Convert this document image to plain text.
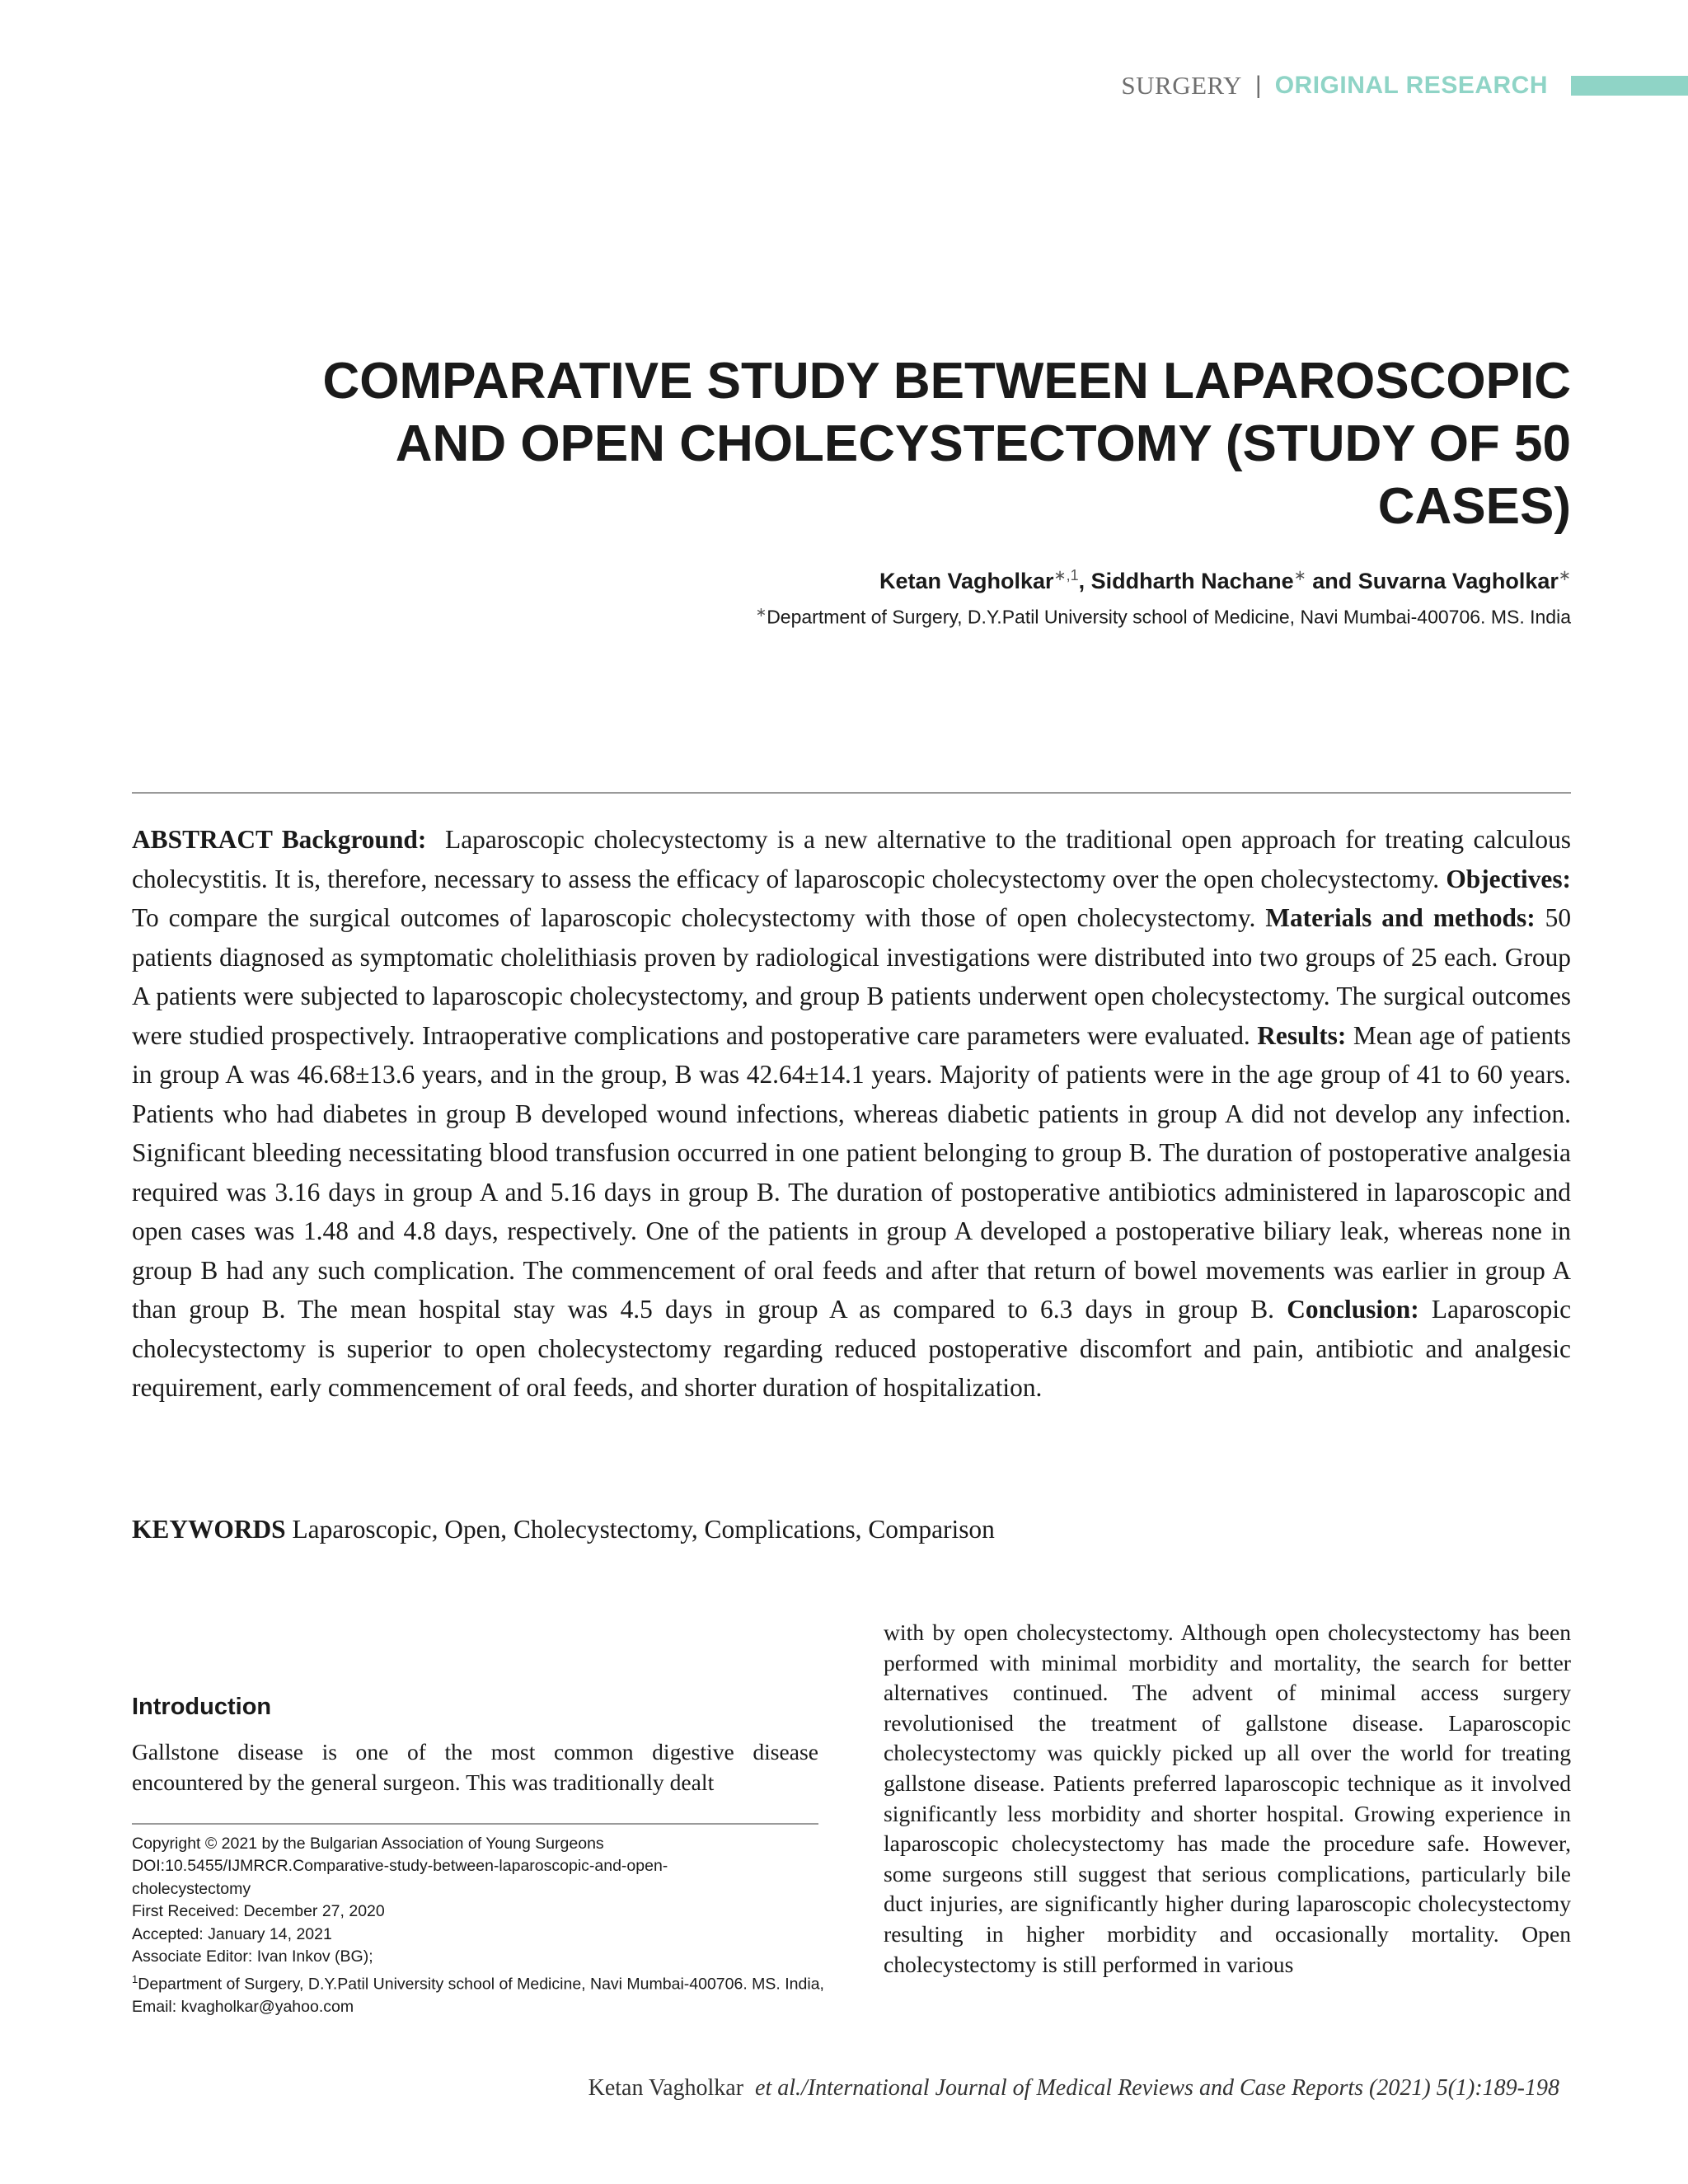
SURGERY | ORIGINAL RESEARCH
COMPARATIVE STUDY BETWEEN LAPAROSCOPIC AND OPEN CHOLECYSTECTOMY (STUDY OF 50 CASES)
Ketan Vagholkar$^{∗,1}$, Siddharth Nachane∗ and Suvarna Vagholkar∗
∗Department of Surgery, D.Y.Patil University school of Medicine, Navi Mumbai-400706. MS. India
ABSTRACT Background: Laparoscopic cholecystectomy is a new alternative to the traditional open approach for treating calculous cholecystitis. It is, therefore, necessary to assess the efficacy of laparoscopic cholecystectomy over the open cholecystectomy. Objectives: To compare the surgical outcomes of laparoscopic cholecystectomy with those of open cholecystectomy. Materials and methods: 50 patients diagnosed as symptomatic cholelithiasis proven by radiological investigations were distributed into two groups of 25 each. Group A patients were subjected to laparoscopic cholecystectomy, and group B patients underwent open cholecystectomy. The surgical outcomes were studied prospectively. Intraoperative complications and postoperative care parameters were evaluated. Results: Mean age of patients in group A was 46.68±13.6 years, and in the group, B was 42.64±14.1 years. Majority of patients were in the age group of 41 to 60 years. Patients who had diabetes in group B developed wound infections, whereas diabetic patients in group A did not develop any infection. Significant bleeding necessitating blood transfusion occurred in one patient belonging to group B. The duration of postoperative analgesia required was 3.16 days in group A and 5.16 days in group B. The duration of postoperative antibiotics administered in laparoscopic and open cases was 1.48 and 4.8 days, respectively. One of the patients in group A developed a postoperative biliary leak, whereas none in group B had any such complication. The commencement of oral feeds and after that return of bowel movements was earlier in group A than group B. The mean hospital stay was 4.5 days in group A as compared to 6.3 days in group B. Conclusion: Laparoscopic cholecystectomy is superior to open cholecystectomy regarding reduced postoperative discomfort and pain, antibiotic and analgesic requirement, early commencement of oral feeds, and shorter duration of hospitalization.
KEYWORDS Laparoscopic, Open, Cholecystectomy, Complications, Comparison
Introduction
Gallstone disease is one of the most common digestive disease encountered by the general surgeon. This was traditionally dealt
Copyright © 2021 by the Bulgarian Association of Young Surgeons
DOI:10.5455/IJMRCR.Comparative-study-between-laparoscopic-and-open-cholecystectomy
First Received: December 27, 2020
Accepted: January 14, 2021
Associate Editor: Ivan Inkov (BG);
$^1$Department of Surgery, D.Y.Patil University school of Medicine, Navi Mumbai-400706. MS. India, Email: kvagholkar@yahoo.com
with by open cholecystectomy. Although open cholecystectomy has been performed with minimal morbidity and mortality, the search for better alternatives continued. The advent of minimal access surgery revolutionised the treatment of gallstone disease. Laparoscopic cholecystectomy was quickly picked up all over the world for treating gallstone disease. Patients preferred laparoscopic technique as it involved significantly less morbidity and shorter hospital. Growing experience in laparoscopic cholecystectomy has made the procedure safe. However, some surgeons still suggest that serious complications, particularly bile duct injuries, are significantly higher during laparoscopic cholecystectomy resulting in higher morbidity and occasionally mortality. Open cholecystectomy is still performed in various
Ketan Vagholkar et al./International Journal of Medical Reviews and Case Reports (2021) 5(1):189-198
